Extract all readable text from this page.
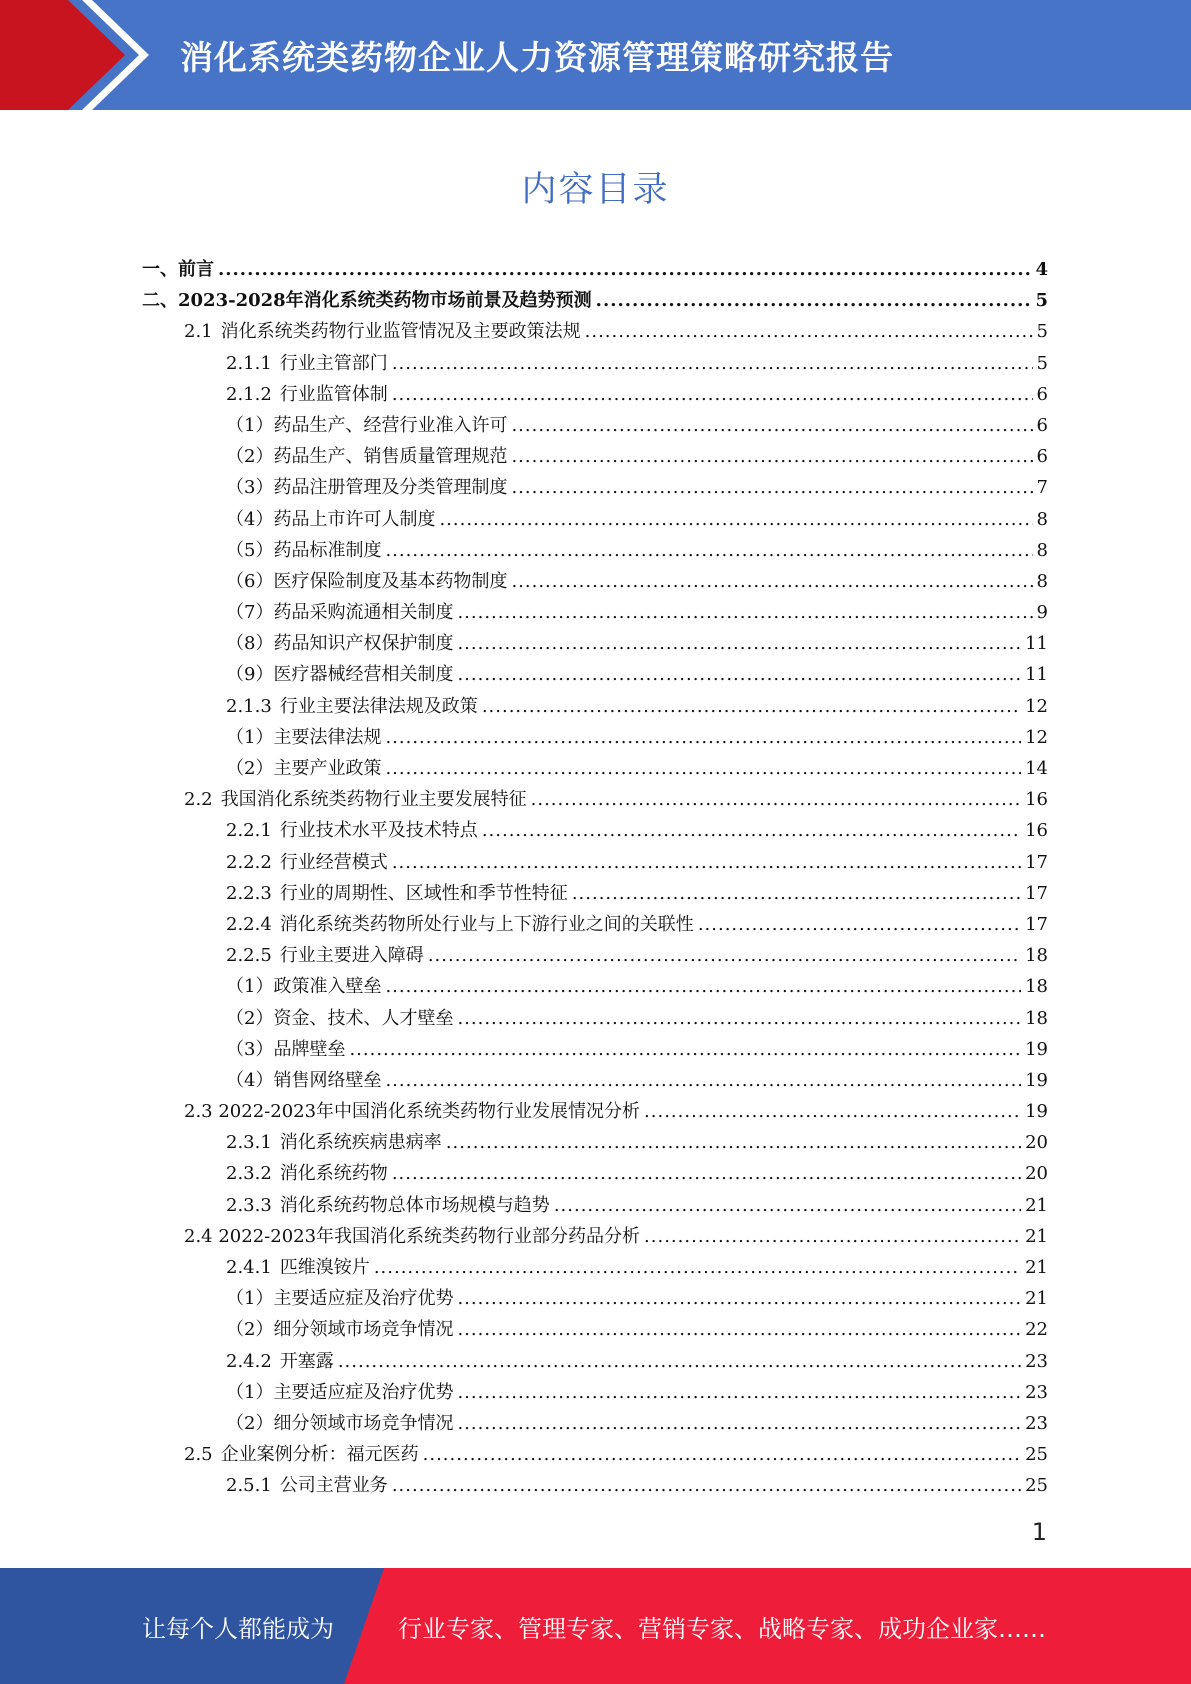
消化系统类药物企业人力资源管理策略研究报告
内容目录
一、前言 .....	4
二、2023-2028年消化系统类药物市场前景及趋势预测 .....	5
2.1 消化系统类药物行业监管情况及主要政策法规 .....	5
2.1.1 行业主管部门 .....	5
2.1.2 行业监管体制 .....	6
（1）药品生产、经营行业准入许可 .....	6
（2）药品生产、销售质量管理规范 .....	6
（3）药品注册管理及分类管理制度 .....	7
（4）药品上市许可人制度 .....	8
（5）药品标准制度 .....	8
（6）医疗保险制度及基本药物制度 .....	8
（7）药品采购流通相关制度 .....	9
（8）药品知识产权保护制度 .....	11
（9）医疗器械经营相关制度 .....	11
2.1.3 行业主要法律法规及政策 .....	12
（1）主要法律法规 .....	12
（2）主要产业政策 .....	14
2.2 我国消化系统类药物行业主要发展特征 .....	16
2.2.1 行业技术水平及技术特点 .....	16
2.2.2 行业经营模式 .....	17
2.2.3 行业的周期性、区域性和季节性特征 .....	17
2.2.4 消化系统类药物所处行业与上下游行业之间的关联性 .....	17
2.2.5 行业主要进入障碍 .....	18
（1）政策准入壁垒 .....	18
（2）资金、技术、人才壁垒 .....	18
（3）品牌壁垒 .....	19
（4）销售网络壁垒 .....	19
2.3 2022-2023年中国消化系统类药物行业发展情况分析 .....	19
2.3.1 消化系统疾病患病率 .....	20
2.3.2 消化系统药物 .....	20
2.3.3 消化系统药物总体市场规模与趋势 .....	21
2.4 2022-2023年我国消化系统类药物行业部分药品分析 .....	21
2.4.1 匹维溴铵片 .....	21
（1）主要适应症及治疗优势 .....	21
（2）细分领域市场竞争情况 .....	22
2.4.2 开塞露 .....	23
（1）主要适应症及治疗优势 .....	23
（2）细分领域市场竞争情况 .....	23
2.5 企业案例分析：福元医药 .....	25
2.5.1 公司主营业务 .....	25
1
让每个人都能成为	行业专家、管理专家、营销专家、战略专家、成功企业家……
